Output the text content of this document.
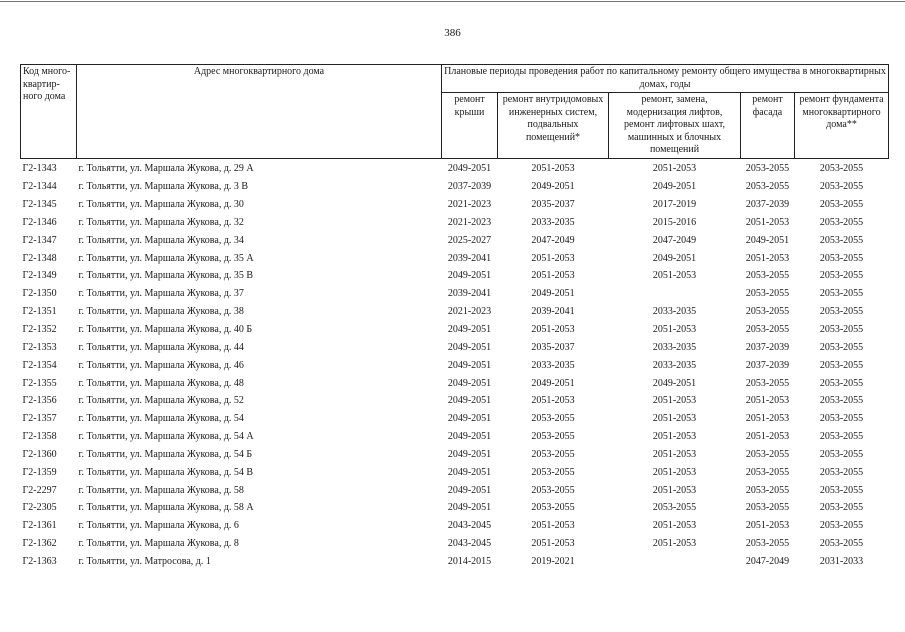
386
Код много-квартир-ного дома	Адрес многоквартирного дома	Плановые периоды проведения работ по капитальному ремонту общего имущества в многоквартирных домах, годы				
		ремонт крыши	ремонт внутридомовых инженерных систем, подвальных помещений*	ремонт, замена, модернизация лифтов, ремонт лифтовых шахт, машинных и блочных помещений	ремонт фасада	ремонт фундамента многоквартирного дома**
Г2-1343	г. Тольятти, ул. Маршала Жукова, д. 29 А	2049-2051	2051-2053	2051-2053	2053-2055	2053-2055
Г2-1344	г. Тольятти, ул. Маршала Жукова, д. 3 В	2037-2039	2049-2051	2049-2051	2053-2055	2053-2055
Г2-1345	г. Тольятти, ул. Маршала Жукова, д. 30	2021-2023	2035-2037	2017-2019	2037-2039	2053-2055
Г2-1346	г. Тольятти, ул. Маршала Жукова, д. 32	2021-2023	2033-2035	2015-2016	2051-2053	2053-2055
Г2-1347	г. Тольятти, ул. Маршала Жукова, д. 34	2025-2027	2047-2049	2047-2049	2049-2051	2053-2055
Г2-1348	г. Тольятти, ул. Маршала Жукова, д. 35 А	2039-2041	2051-2053	2049-2051	2051-2053	2053-2055
Г2-1349	г. Тольятти, ул. Маршала Жукова, д. 35 В	2049-2051	2051-2053	2051-2053	2053-2055	2053-2055
Г2-1350	г. Тольятти, ул. Маршала Жукова, д. 37	2039-2041	2049-2051		2053-2055	2053-2055
Г2-1351	г. Тольятти, ул. Маршала Жукова, д. 38	2021-2023	2039-2041	2033-2035	2053-2055	2053-2055
Г2-1352	г. Тольятти, ул. Маршала Жукова, д. 40 Б	2049-2051	2051-2053	2051-2053	2053-2055	2053-2055
Г2-1353	г. Тольятти, ул. Маршала Жукова, д. 44	2049-2051	2035-2037	2033-2035	2037-2039	2053-2055
Г2-1354	г. Тольятти, ул. Маршала Жукова, д. 46	2049-2051	2033-2035	2033-2035	2037-2039	2053-2055
Г2-1355	г. Тольятти, ул. Маршала Жукова, д. 48	2049-2051	2049-2051	2049-2051	2053-2055	2053-2055
Г2-1356	г. Тольятти, ул. Маршала Жукова, д. 52	2049-2051	2051-2053	2051-2053	2051-2053	2053-2055
Г2-1357	г. Тольятти, ул. Маршала Жукова, д. 54	2049-2051	2053-2055	2051-2053	2051-2053	2053-2055
Г2-1358	г. Тольятти, ул. Маршала Жукова, д. 54 А	2049-2051	2053-2055	2051-2053	2051-2053	2053-2055
Г2-1360	г. Тольятти, ул. Маршала Жукова, д. 54 Б	2049-2051	2053-2055	2051-2053	2053-2055	2053-2055
Г2-1359	г. Тольятти, ул. Маршала Жукова, д. 54 В	2049-2051	2053-2055	2051-2053	2053-2055	2053-2055
Г2-2297	г. Тольятти, ул. Маршала Жукова, д. 58	2049-2051	2053-2055	2051-2053	2053-2055	2053-2055
Г2-2305	г. Тольятти, ул. Маршала Жукова, д. 58 А	2049-2051	2053-2055	2053-2055	2053-2055	2053-2055
Г2-1361	г. Тольятти, ул. Маршала Жукова, д. 6	2043-2045	2051-2053	2051-2053	2051-2053	2053-2055
Г2-1362	г. Тольятти, ул. Маршала Жукова, д. 8	2043-2045	2051-2053	2051-2053	2053-2055	2053-2055
Г2-1363	г. Тольятти, ул. Матросова, д. 1	2014-2015	2019-2021		2047-2049	2031-2033
